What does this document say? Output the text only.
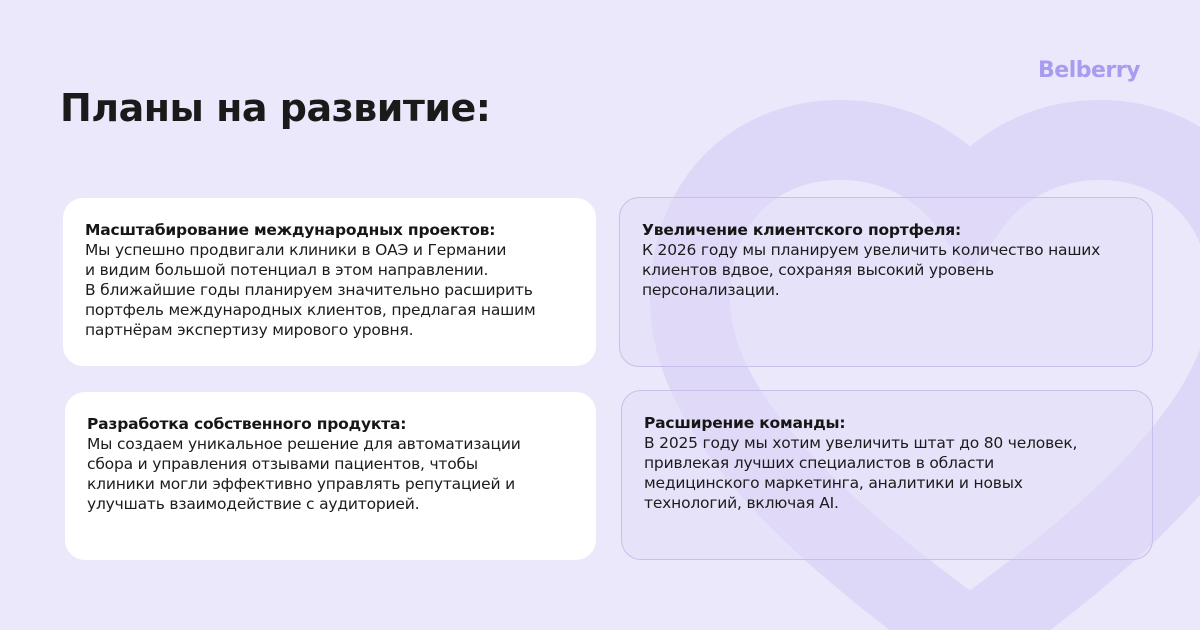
Belberry
Планы на развитие:
Масштабирование международных проектов:
Мы успешно продвигали клиники в ОАЭ и Германии
и видим большой потенциал в этом направлении.
В ближайшие годы планируем значительно расширить
портфель международных клиентов, предлагая нашим
партнёрам экспертизу мирового уровня.
Увеличение клиентского портфеля:
К 2026 году мы планируем увеличить количество наших
клиентов вдвое, сохраняя высокий уровень
персонализации.
Разработка собственного продукта:
Мы создаем уникальное решение для автоматизации
сбора и управления отзывами пациентов, чтобы
клиники могли эффективно управлять репутацией и
улучшать взаимодействие с аудиторией.
Расширение команды:
В 2025 году мы хотим увеличить штат до 80 человек,
привлекая лучших специалистов в области
медицинского маркетинга, аналитики и новых
технологий, включая AI.
